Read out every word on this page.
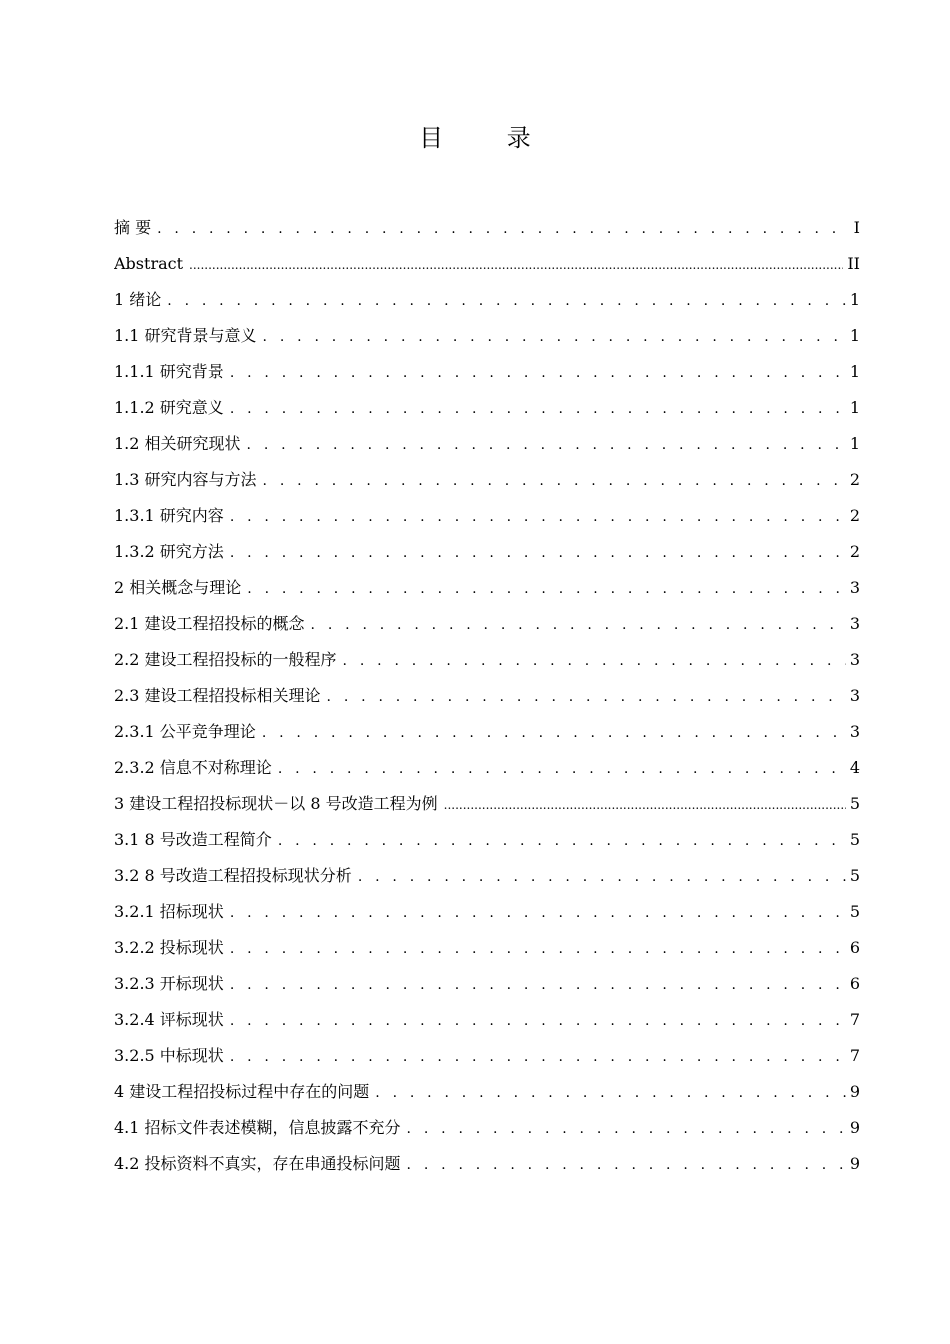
目 录
摘 要 . . .	I
Abstract .....	II
1 绪论 . . .	1
1.1 研究背景与意义 . . .	1
1.1.1 研究背景 . . .	1
1.1.2 研究意义 . . .	1
1.2 相关研究现状 . . .	1
1.3 研究内容与方法 . . .	2
1.3.1 研究内容 . . .	2
1.3.2 研究方法 . . .	2
2 相关概念与理论 . . .	3
2.1 建设工程招投标的概念 . . .	3
2.2 建设工程招投标的一般程序 . . .	3
2.3 建设工程招投标相关理论 . . .	3
2.3.1 公平竞争理论 . . .	3
2.3.2 信息不对称理论 . . .	4
3 建设工程招投标现状－以 8 号改造工程为例 .....	5
3.1 8 号改造工程简介 . . .	5
3.2 8 号改造工程招投标现状分析 . . .	5
3.2.1 招标现状 . . .	5
3.2.2 投标现状 . . .	6
3.2.3 开标现状 . . .	6
3.2.4 评标现状 . . .	7
3.2.5 中标现状 . . .	7
4 建设工程招投标过程中存在的问题 . . .	9
4.1 招标文件表述模糊，信息披露不充分 . . .	9
4.2 投标资料不真实，存在串通投标问题 . . .	9
